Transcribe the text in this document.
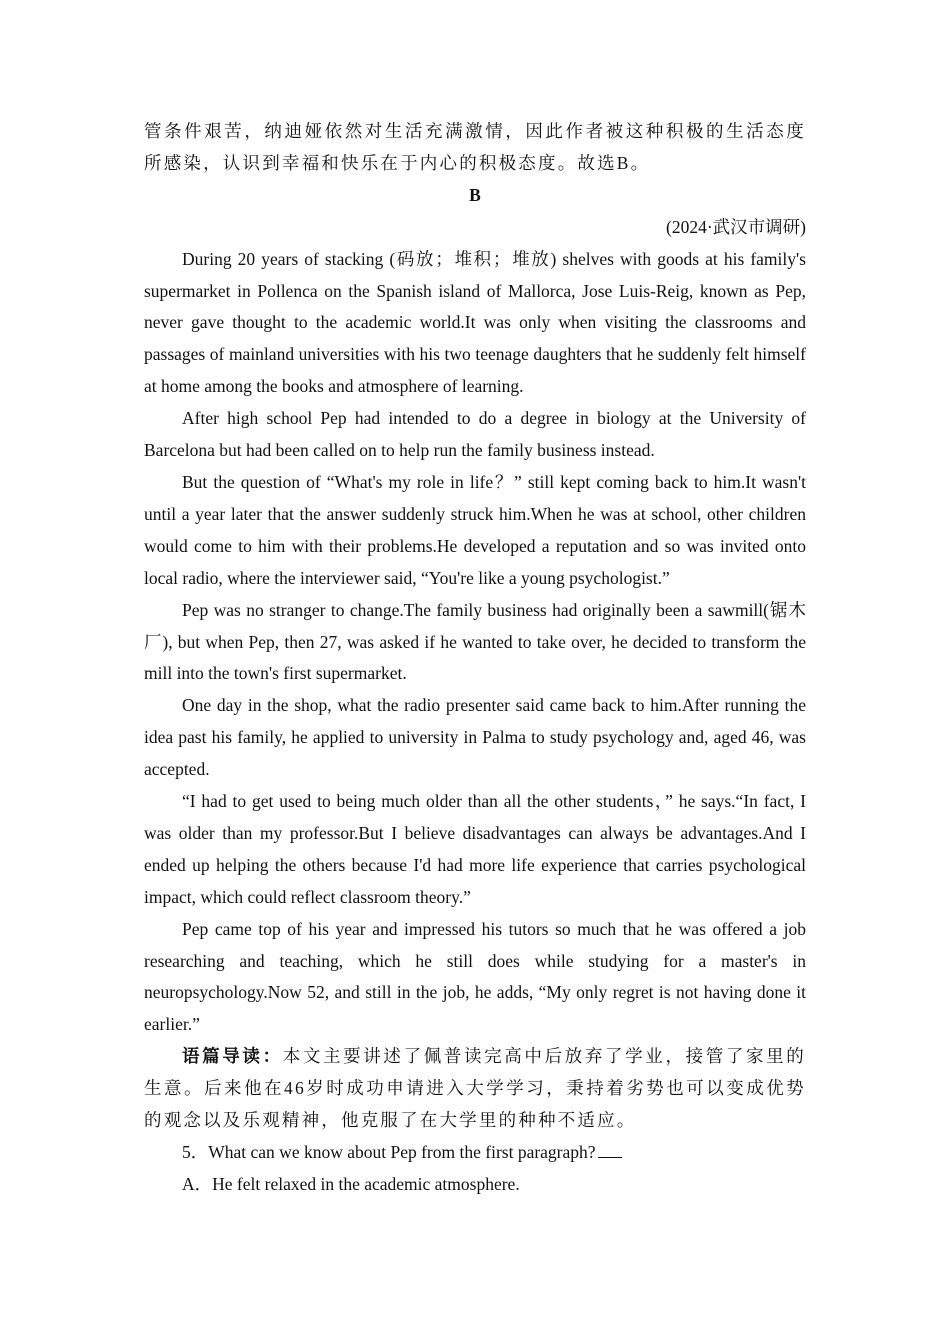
管条件艰苦，纳迪娅依然对生活充满激情，因此作者被这种积极的生活态度所感染，认识到幸福和快乐在于内心的积极态度。故选B。

B

(2024·武汉市调研)

During 20 years of stacking (码放；堆积；堆放) shelves with goods at his family's supermarket in Pollenca on the Spanish island of Mallorca, Jose Luis-Reig, known as Pep, never gave thought to the academic world.It was only when visiting the classrooms and passages of mainland universities with his two teenage daughters that he suddenly felt himself at home among the books and atmosphere of learning.

After high school Pep had intended to do a degree in biology at the University of Barcelona but had been called on to help run the family business instead.

But the question of “What's my role in life？” still kept coming back to him.It wasn't until a year later that the answer suddenly struck him.When he was at school, other children would come to him with their problems.He developed a reputation and so was invited onto local radio, where the interviewer said, “You're like a young psychologist.”

Pep was no stranger to change.The family business had originally been a sawmill(锯木厂), but when Pep, then 27, was asked if he wanted to take over, he decided to transform the mill into the town's first supermarket.

One day in the shop, what the radio presenter said came back to him.After running the idea past his family, he applied to university in Palma to study psychology and, aged 46, was accepted.

“I had to get used to being much older than all the other students，” he says.“In fact, I was older than my professor.But I believe disadvantages can always be advantages.And I ended up helping the others because I'd had more life experience that carries psychological impact, which could reflect classroom theory.”

Pep came top of his year and impressed his tutors so much that he was offered a job researching and teaching, which he still does while studying for a master's in neuropsychology.Now 52, and still in the job, he adds, “My only regret is not having done it earlier.”

语篇导读：本文主要讲述了佩普读完高中后放弃了学业，接管了家里的生意。后来他在46岁时成功申请进入大学学习，秉持着劣势也可以变成优势的观念以及乐观精神，他克服了在大学里的种种不适应。

5．What can we know about Pep from the first paragraph?

A．He felt relaxed in the academic atmosphere.
